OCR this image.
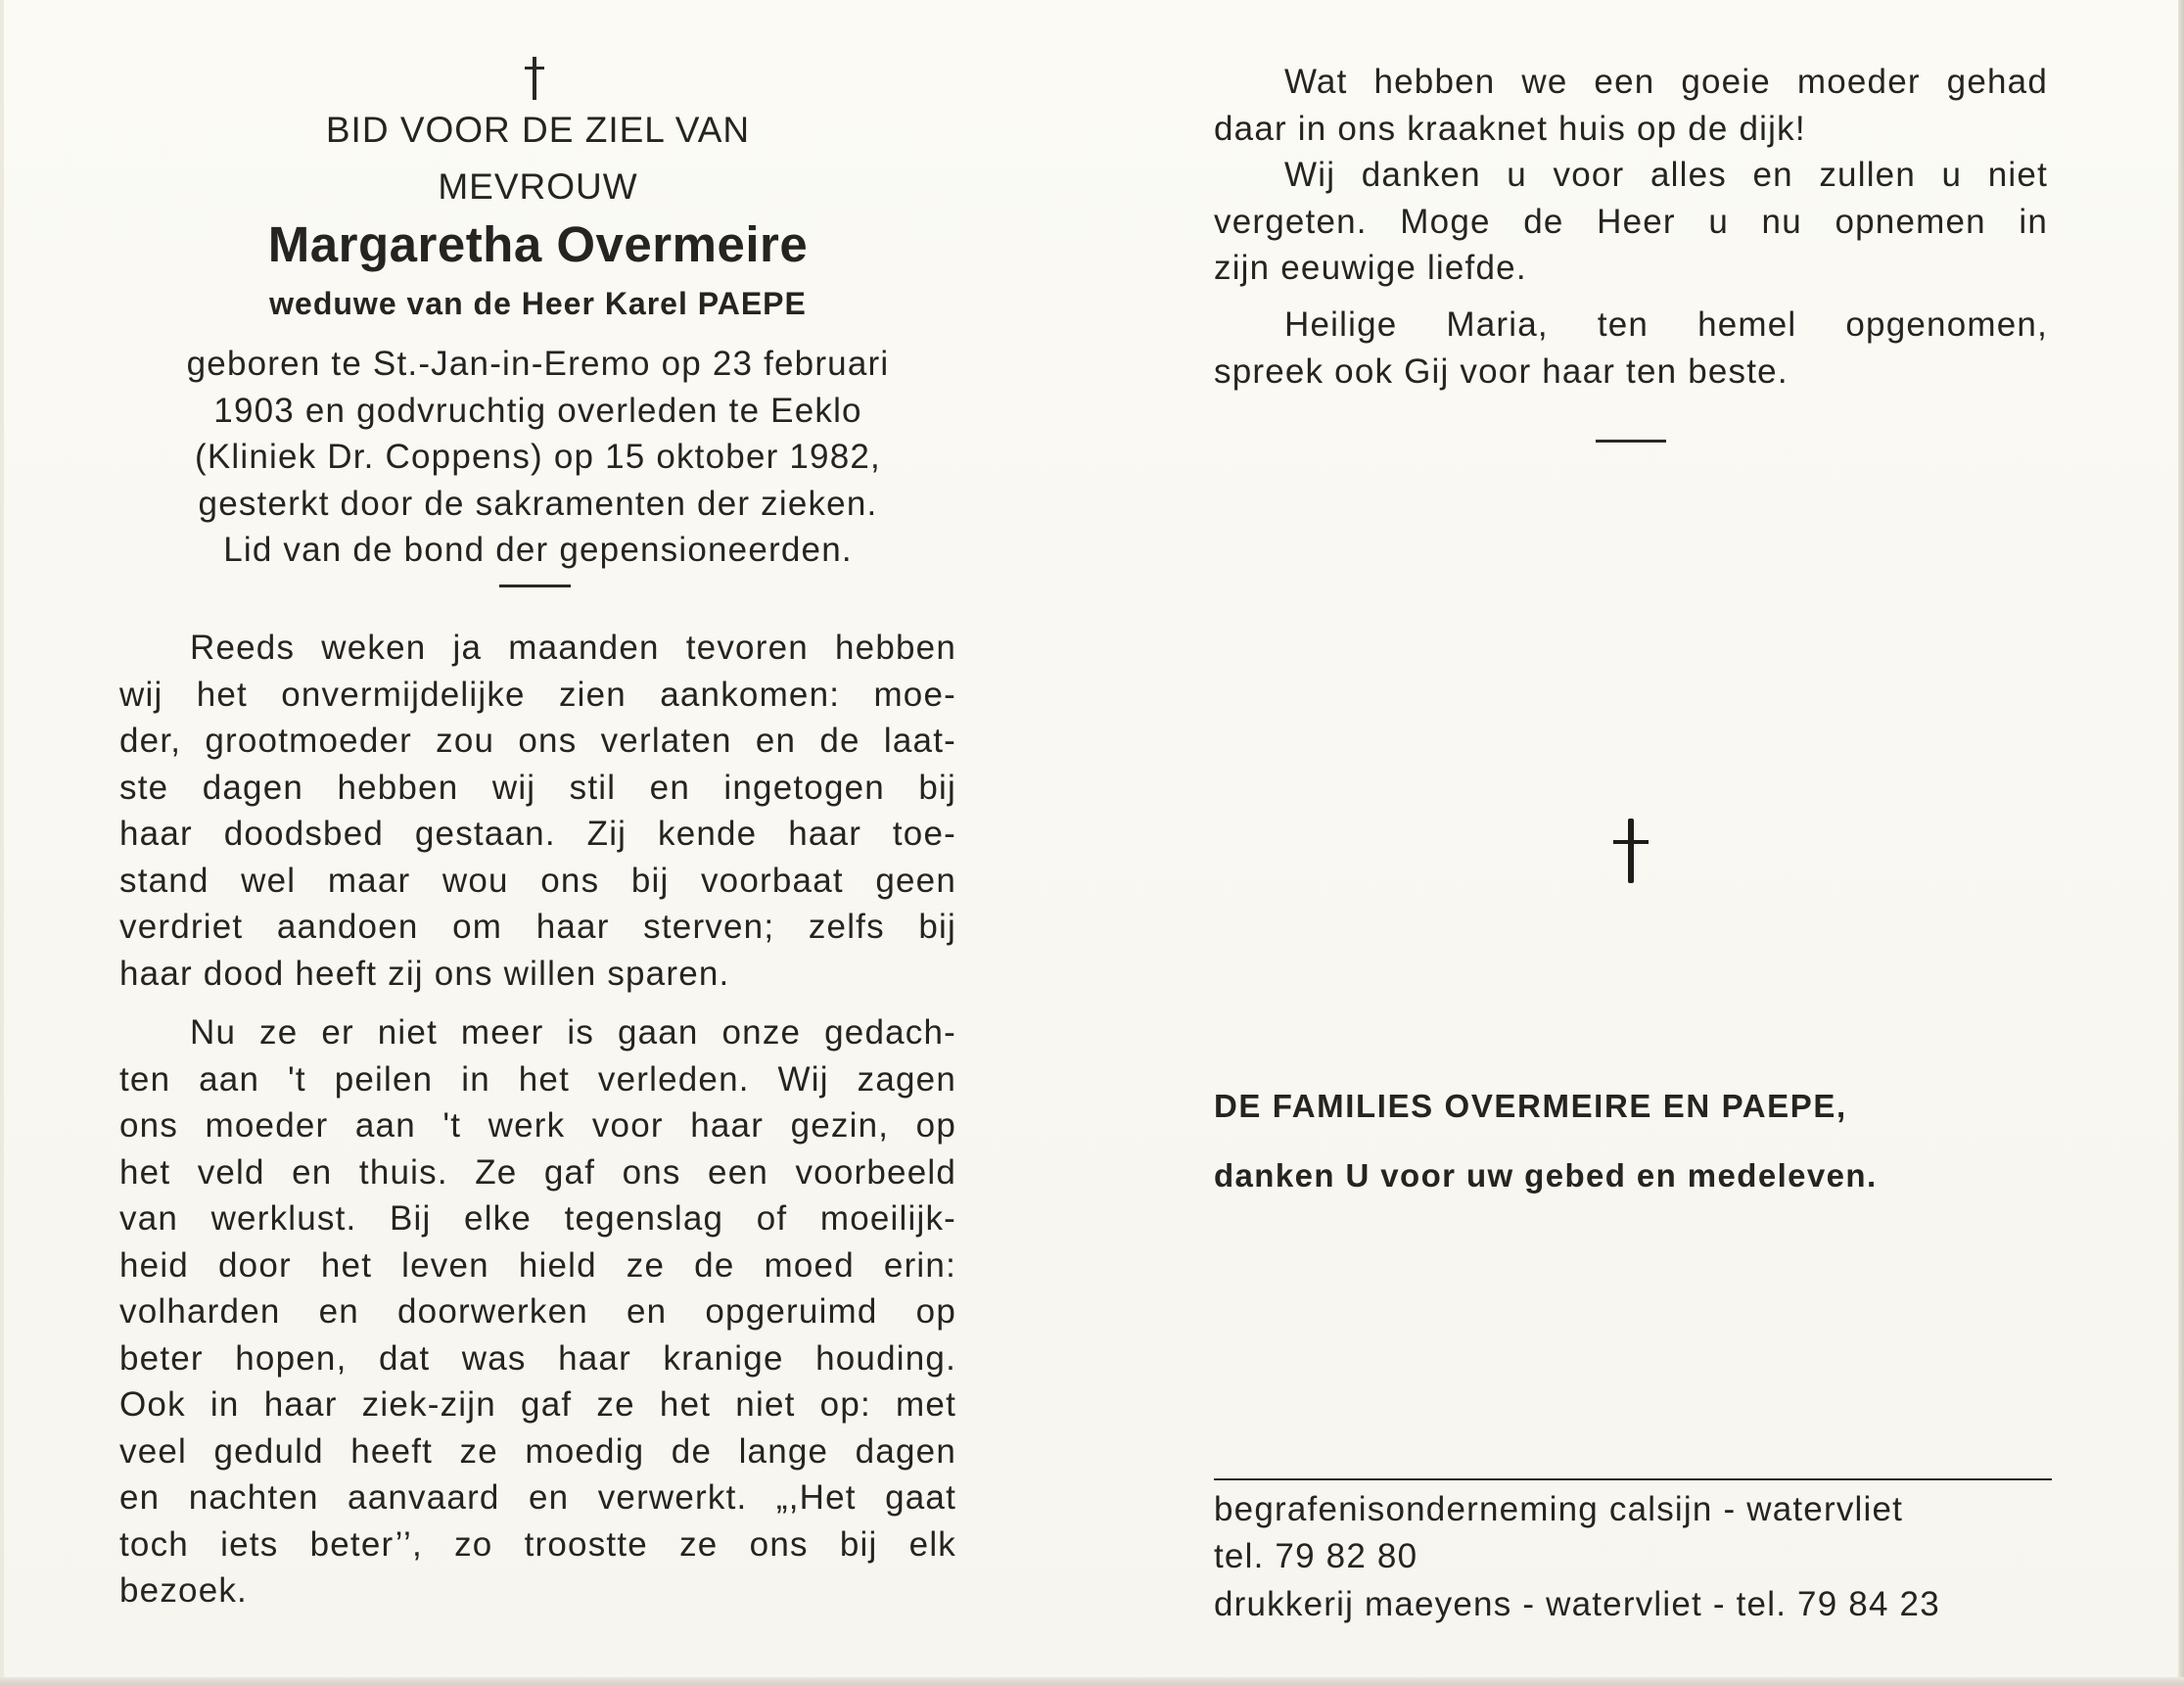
BID VOOR DE ZIEL VAN
MEVROUW
Margaretha Overmeire
weduwe van de Heer Karel PAEPE
geboren te St.-Jan-in-Eremo op 23 februari
1903 en godvruchtig overleden te Eeklo
(Kliniek Dr. Coppens) op 15 oktober 1982,
gesterkt door de sakramenten der zieken.
Lid van de bond der gepensioneerden.
Reeds weken ja maanden tevoren hebben
wij het onvermijdelijke zien aankomen: moe-
der, grootmoeder zou ons verlaten en de laat-
ste dagen hebben wij stil en ingetogen bij
haar doodsbed gestaan. Zij kende haar toe-
stand wel maar wou ons bij voorbaat geen
verdriet aandoen om haar sterven; zelfs bij
haar dood heeft zij ons willen sparen.
Nu ze er niet meer is gaan onze gedach-
ten aan 't peilen in het verleden. Wij zagen
ons moeder aan 't werk voor haar gezin, op
het veld en thuis. Ze gaf ons een voorbeeld
van werklust. Bij elke tegenslag of moeilijk-
heid door het leven hield ze de moed erin:
volharden en doorwerken en opgeruimd op
beter hopen, dat was haar kranige houding.
Ook in haar ziek-zijn gaf ze het niet op: met
veel geduld heeft ze moedig de lange dagen
en nachten aanvaard en verwerkt. „,Het gaat
toch iets beter’’, zo troostte ze ons bij elk
bezoek.
Wat hebben we een goeie moeder gehad
daar in ons kraaknet huis op de dijk!
Wij danken u voor alles en zullen u niet
vergeten. Moge de Heer u nu opnemen in
zijn eeuwige liefde.
Heilige Maria, ten hemel opgenomen,
spreek ook Gij voor haar ten beste.
DE FAMILIES OVERMEIRE EN PAEPE,
danken U voor uw gebed en medeleven.
begrafenisonderneming calsijn - watervliet
tel. 79 82 80
drukkerij maeyens - watervliet - tel. 79 84 23
